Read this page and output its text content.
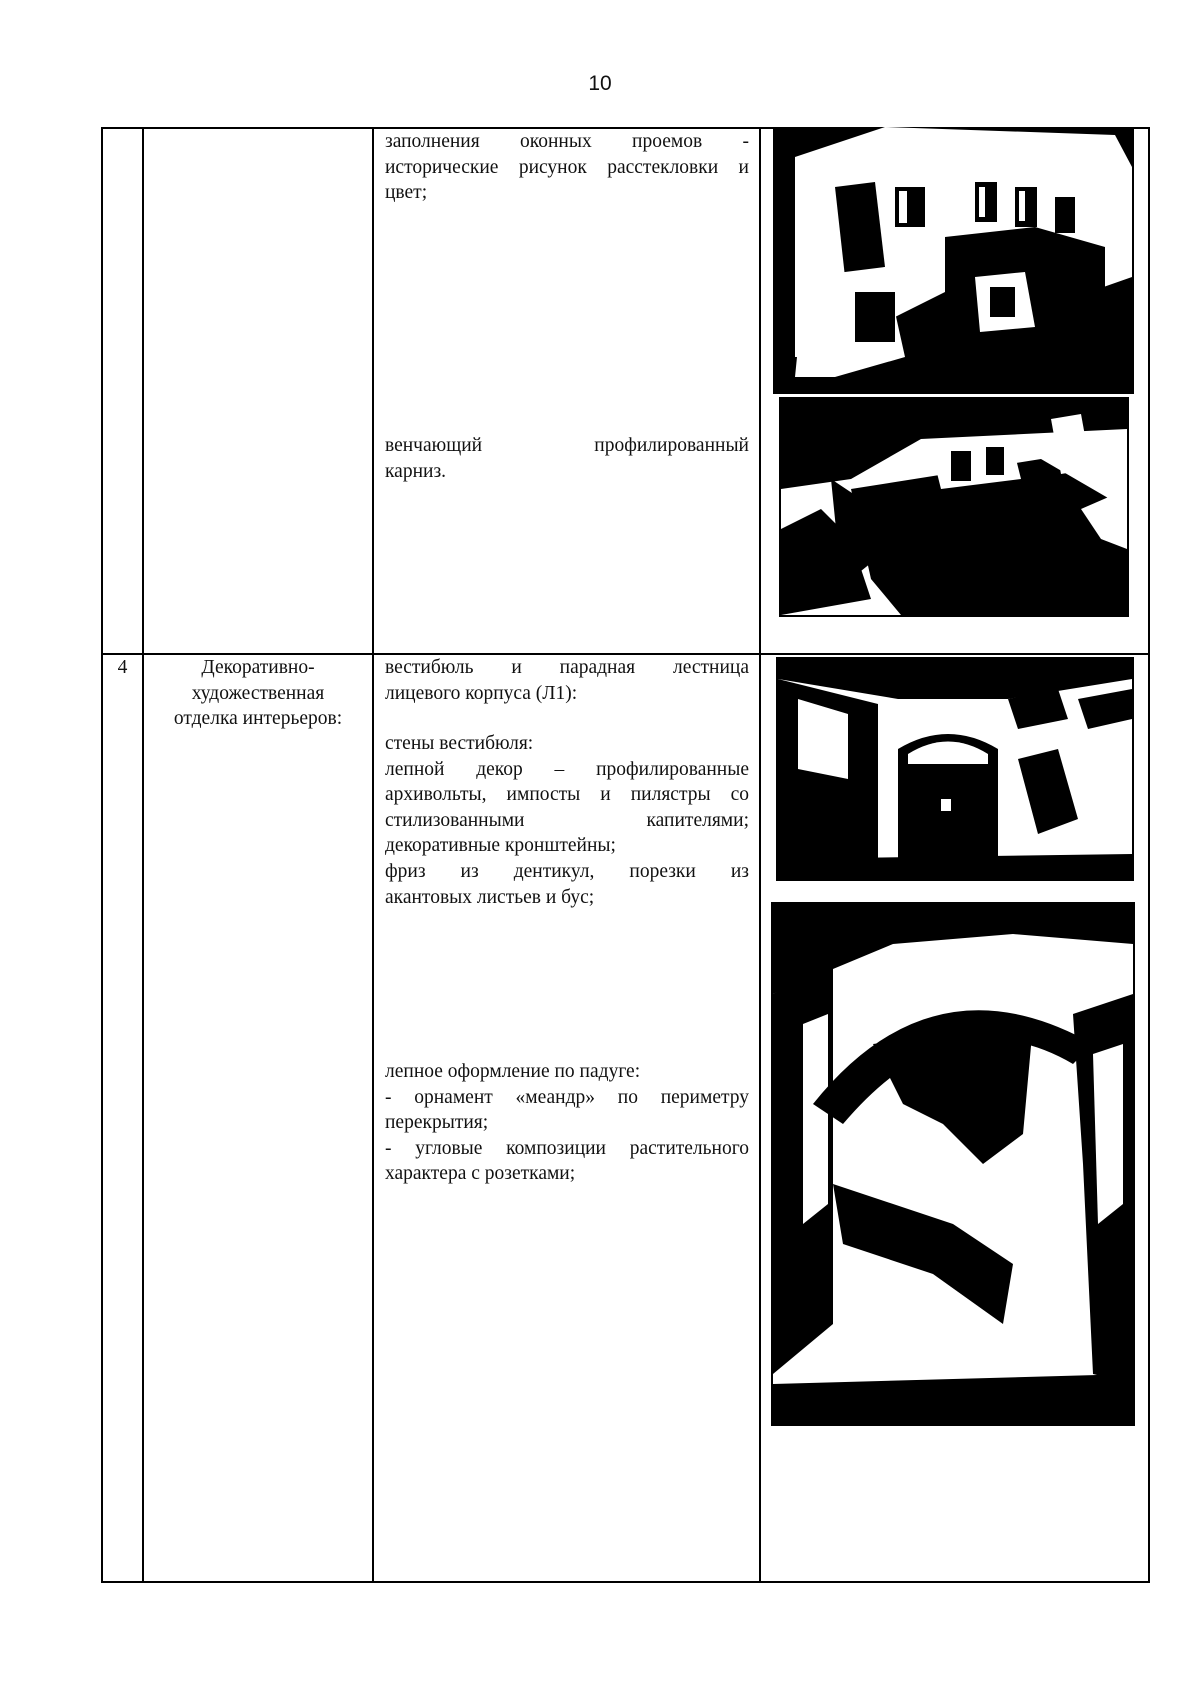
10
заполнения оконных проемов -
исторические рисунок расстекловки и
цвет;
венчающий профилированный
карниз.
4	Декоративно-
художественная
отделка интерьеров:
вестибюль и парадная лестница
лицевого корпуса (Л1):
стены вестибюля:
лепной декор – профилированные
архивольты, импосты и пилястры со
стилизованными капителями;
декоративные кронштейны;
фриз из дентикул, порезки из
акантовых листьев и бус;
лепное оформление по падуге:
- орнамент «меандр» по периметру
перекрытия;
- угловые композиции растительного
характера с розетками;
